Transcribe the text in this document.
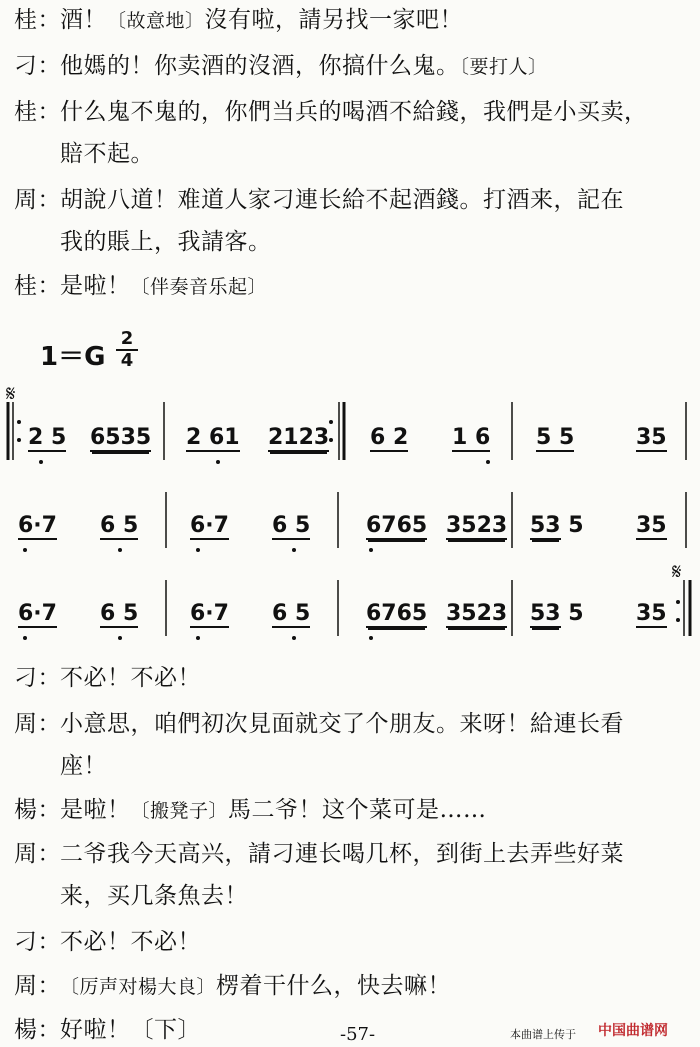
桂：酒！〔故意地〕沒有啦，請另找一家吧！
刁：他媽的！你卖酒的沒酒，你搞什么鬼。〔要打人〕
桂：什么鬼不鬼的，你們当兵的喝酒不給錢，我們是小买卖，
賠不起。
周：胡說八道！难道人家刁連长給不起酒錢。打酒来，記在
我的賬上，我請客。
桂：是啦！〔伴奏音乐起〕
1＝G
2
4
𝄋
𝄋
2 5 6535 2 61 2123 6 2 1 6 5 5	35
6·7 6 5 6·7 6 5	6765 3523 53 5 35
6·7 6 5 6·7 6 5	6765 3523 53 5 35
刁：不必！不必！
周：小意思，咱們初次見面就交了个朋友。来呀！給連长看
座！
楊：是啦！〔搬凳子〕馬二爷！这个菜可是……
周：二爷我今天高兴，請刁連长喝几杯，到街上去弄些好菜
来，买几条魚去！
刁：不必！不必！
周：〔厉声对楊大良〕楞着干什么，快去嘛！
楊：好啦！〔下〕	-57-	本曲谱上传于 中国曲谱网
